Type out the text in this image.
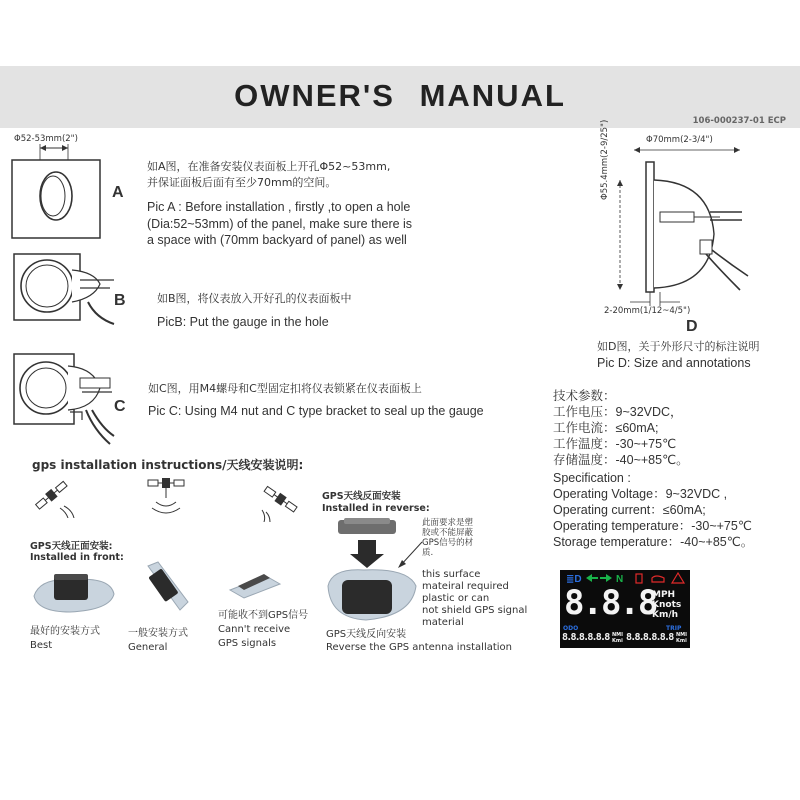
OWNER'S MANUAL
106-000237-01 ECP
Φ52-53mm(2")
A
如A图，在准备安装仪表面板上开孔Φ52~53mm,
并保证面板后面有至少70mm的空间。
Pic A : Before installation , firstly ,to open a hole
(Dia:52~53mm) of the panel, make sure there is
a space with (70mm backyard of panel) as well
B	如B图，将仪表放入开好孔的仪表面板中
PicB: Put the gauge in the hole
C
如C图，用M4螺母和C型固定扣将仪表锁紧在仪表面板上
Pic C: Using M4 nut and C type bracket to seal up the gauge
Φ70mm(2-3/4")
Φ55.4mm(2-9/25")
2-20mm(1/12~4/5")
D
如D图，关于外形尺寸的标注说明
Pic D: Size and annotations
技术参数：
工作电压：9~32VDC，
工作电流：≤60mA;
工作温度：-30~+75℃
存储温度：-40~+85℃。
Specification :
Operating Voltage：9~32VDC ,
Operating current：≤60mA;
Operating temperature：-30~+75℃
Storage temperature：-40~+85℃。
gps installation instructions/天线安装说明:
GPS天线正面安装:
Installed in front:
GPS天线反面安装
Installed in reverse:
此面要求是塑
胶或不能屏蔽
GPS信号的材
质.
this surface
mateiral required
plastic or can
not shield GPS signal
material
最好的安装方式
Best
一般安装方式
General
可能收不到GPS信号
Cann't receive
GPS signals
GPS天线反向安装
Reverse the GPS antenna installation
≣D	N
8.8.8
MPH
Knots
Km/h
ODO	TRIP
8.8.8.8.8.8 NMI
Kmi 8.8.8.8.8.8 NMI
Kmi
